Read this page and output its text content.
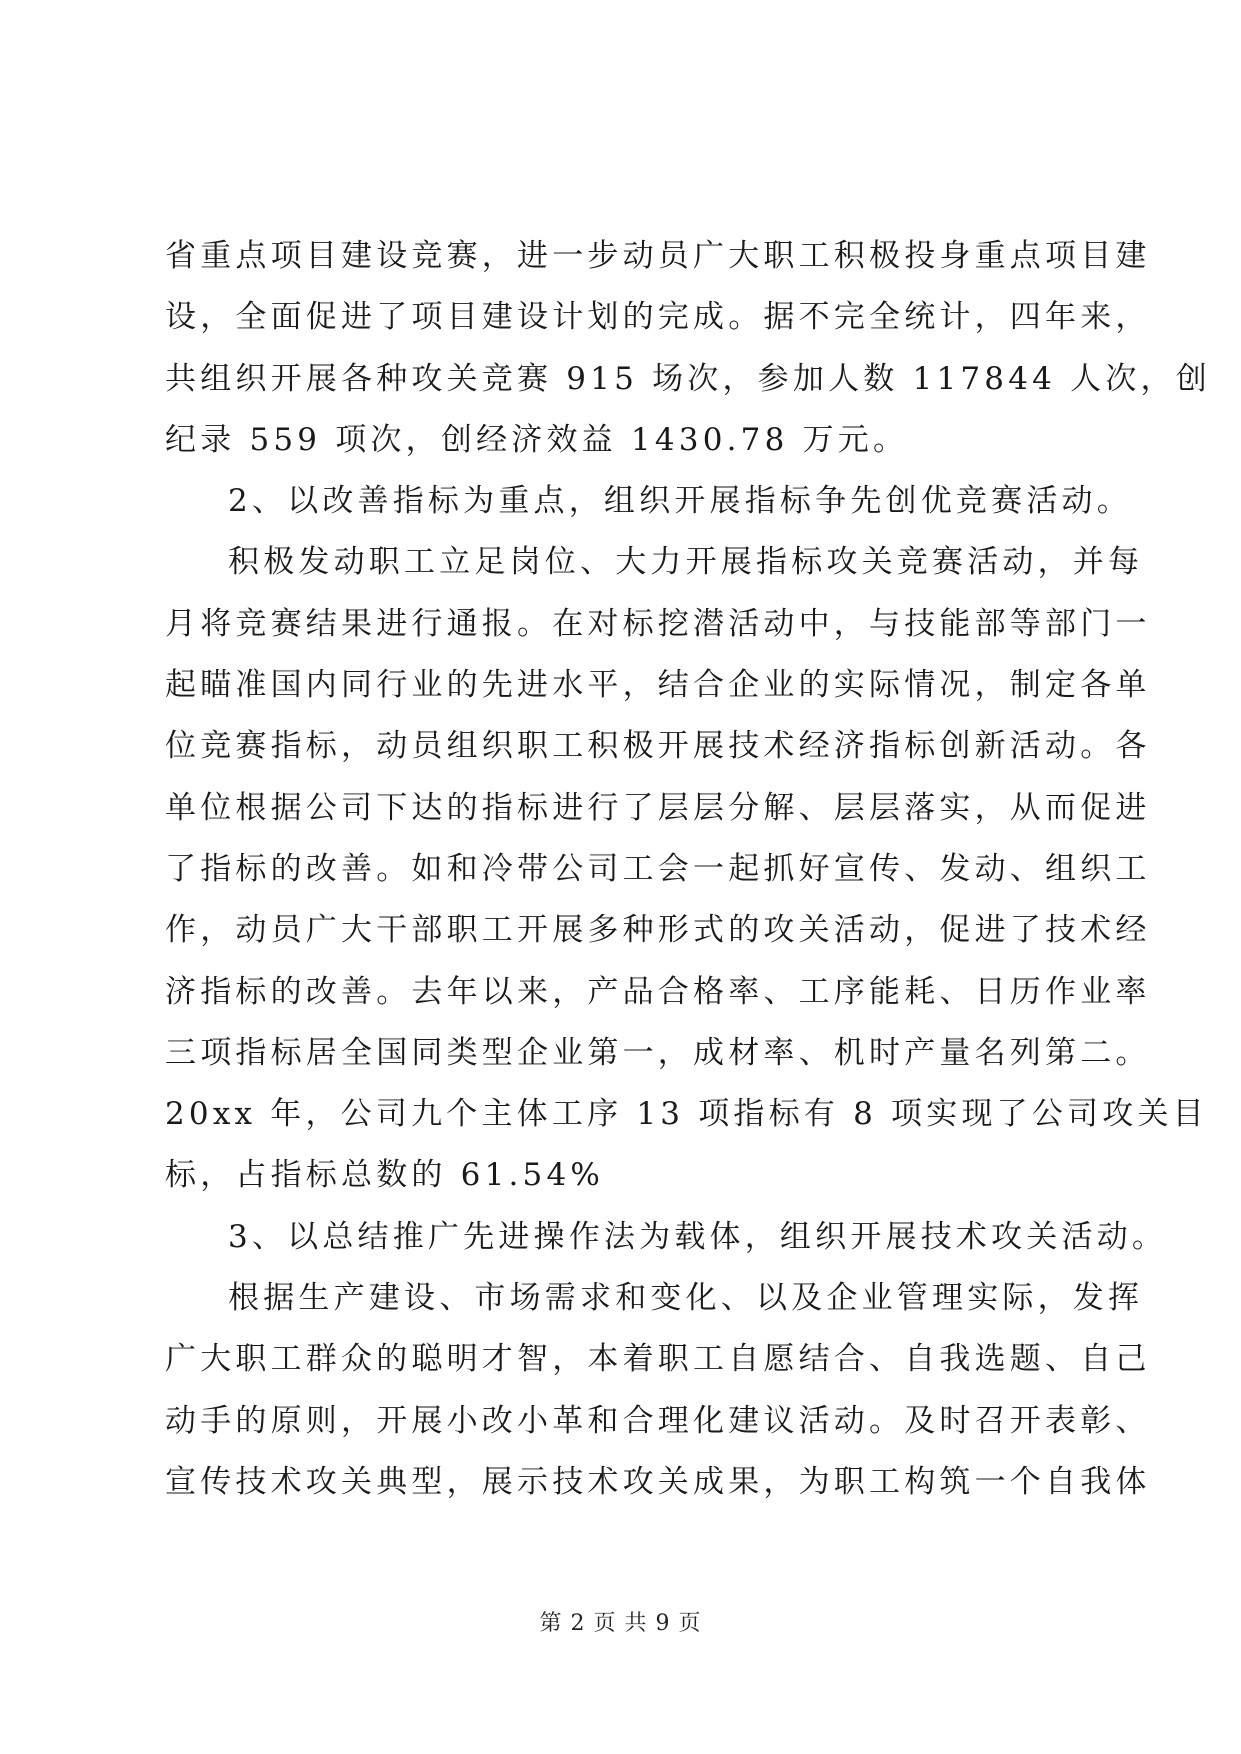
省重点项目建设竞赛，进一步动员广大职工积极投身重点项目建
设，全面促进了项目建设计划的完成。据不完全统计，四年来，
共组织开展各种攻关竞赛 915 场次，参加人数 117844 人次，创
纪录 559 项次，创经济效益 1430.78 万元。
2、以改善指标为重点，组织开展指标争先创优竞赛活动。
积极发动职工立足岗位、大力开展指标攻关竞赛活动，并每
月将竞赛结果进行通报。在对标挖潜活动中，与技能部等部门一
起瞄准国内同行业的先进水平，结合企业的实际情况，制定各单
位竞赛指标，动员组织职工积极开展技术经济指标创新活动。各
单位根据公司下达的指标进行了层层分解、层层落实，从而促进
了指标的改善。如和冷带公司工会一起抓好宣传、发动、组织工
作，动员广大干部职工开展多种形式的攻关活动，促进了技术经
济指标的改善。去年以来，产品合格率、工序能耗、日历作业率
三项指标居全国同类型企业第一，成材率、机时产量名列第二。
20xx 年，公司九个主体工序 13 项指标有 8 项实现了公司攻关目
标，占指标总数的 61.54%
3、以总结推广先进操作法为载体，组织开展技术攻关活动。
根据生产建设、市场需求和变化、以及企业管理实际，发挥
广大职工群众的聪明才智，本着职工自愿结合、自我选题、自己
动手的原则，开展小改小革和合理化建议活动。及时召开表彰、
宣传技术攻关典型，展示技术攻关成果，为职工构筑一个自我体
第 2 页 共 9 页
